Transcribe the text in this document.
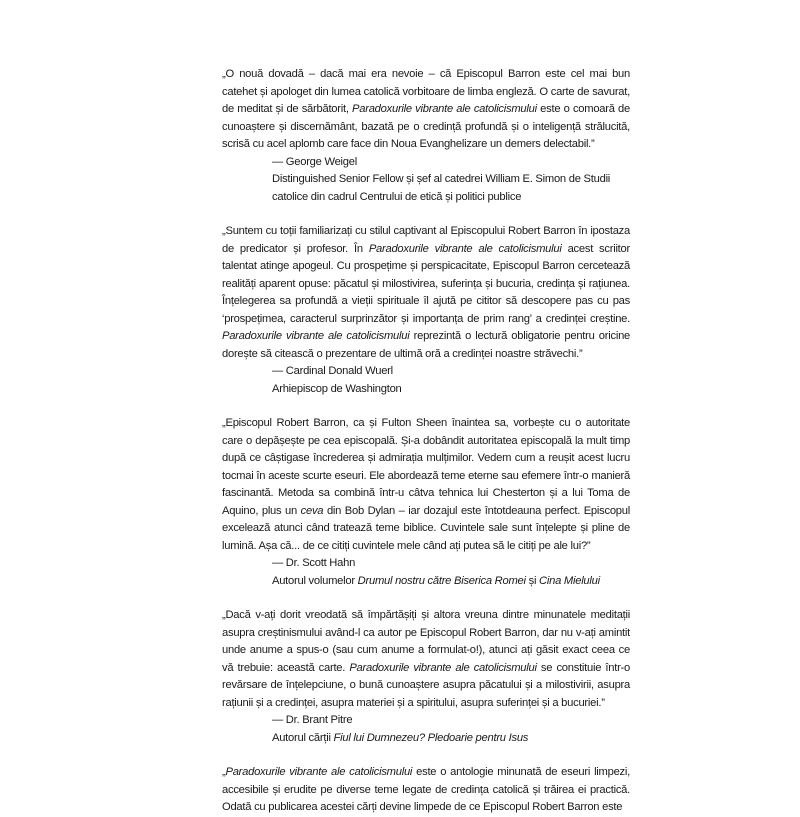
„O nouă dovadă – dacă mai era nevoie – că Episcopul Barron este cel mai bun catehet și apologet din lumea catolică vorbitoare de limba engleză. O carte de savurat, de meditat și de sărbătorit, Paradoxurile vibrante ale catolicismului este o comoară de cunoaștere și discernământ, bazată pe o credință profundă și o inteligență strălucită, scrisă cu acel aplomb care face din Noua Evanghelizare un demers delectabil.”

— George Weigel

Distinguished Senior Fellow și șef al catedrei William E. Simon de Studii catolice din cadrul Centrului de etică și politici publice

„Suntem cu toții familiarizați cu stilul captivant al Episcopului Robert Barron în ipostaza de predicator și profesor. În Paradoxurile vibrante ale catolicismului acest scriitor talentat atinge apogeul. Cu prospețime și perspicacitate, Episcopul Barron cercetează realități aparent opuse: păcatul și milostivirea, suferința și bucuria, credința și rațiunea. Înțelegerea sa profundă a vieții spirituale îl ajută pe cititor să descopere pas cu pas ‘prospețimea, caracterul surprinzător și importanța de prim rang’ a credinței creștine. Paradoxurile vibrante ale catolicismului reprezintă o lectură obligatorie pentru oricine dorește să citească o prezentare de ultimă oră a credinței noastre străvechi.”

— Cardinal Donald Wuerl

Arhiepiscop de Washington

„Episcopul Robert Barron, ca și Fulton Sheen înaintea sa, vorbește cu o autoritate care o depășește pe cea episcopală. Și-a dobândit autoritatea episcopală la mult timp după ce câștigase încrederea și admirația mulțimilor. Vedem cum a reușit acest lucru tocmai în aceste scurte eseuri. Ele abordează teme eterne sau efemere într-o manieră fascinantă. Metoda sa combină într-u câtva tehnica lui Chesterton și a lui Toma de Aquino, plus un ceva din Bob Dylan – iar dozajul este întotdeauna perfect. Episcopul excelează atunci când tratează teme biblice. Cuvintele sale sunt înțelepte și pline de lumină. Așa că... de ce citiți cuvintele mele când ați putea să le citiți pe ale lui?”

— Dr. Scott Hahn

Autorul volumelor Drumul nostru către Biserica Romei și Cina Mielului

„Dacă v-ați dorit vreodată să împărtășiți și altora vreuna dintre minunatele meditații asupra creștinismului având-l ca autor pe Episcopul Robert Barron, dar nu v-ați amintit unde anume a spus-o (sau cum anume a formulat-o!), atunci ați găsit exact ceea ce vă trebuie: această carte. Paradoxurile vibrante ale catolicismului se constituie într-o revărsare de înțelepciune, o bună cunoaștere asupra păcatului și a milostivirii, asupra rațiunii și a credinței, asupra materiei și a spiritului, asupra suferinței și a bucuriei.”

— Dr. Brant Pitre

Autorul cărții Fiul lui Dumnezeu? Pledoarie pentru Isus

„Paradoxurile vibrante ale catolicismului este o antologie minunată de eseuri limpezi, accesibile și erudite pe diverse teme legate de credința catolică și trăirea ei practică. Odată cu publicarea acestei cărți devine limpede de ce Episcopul Robert Barron este
